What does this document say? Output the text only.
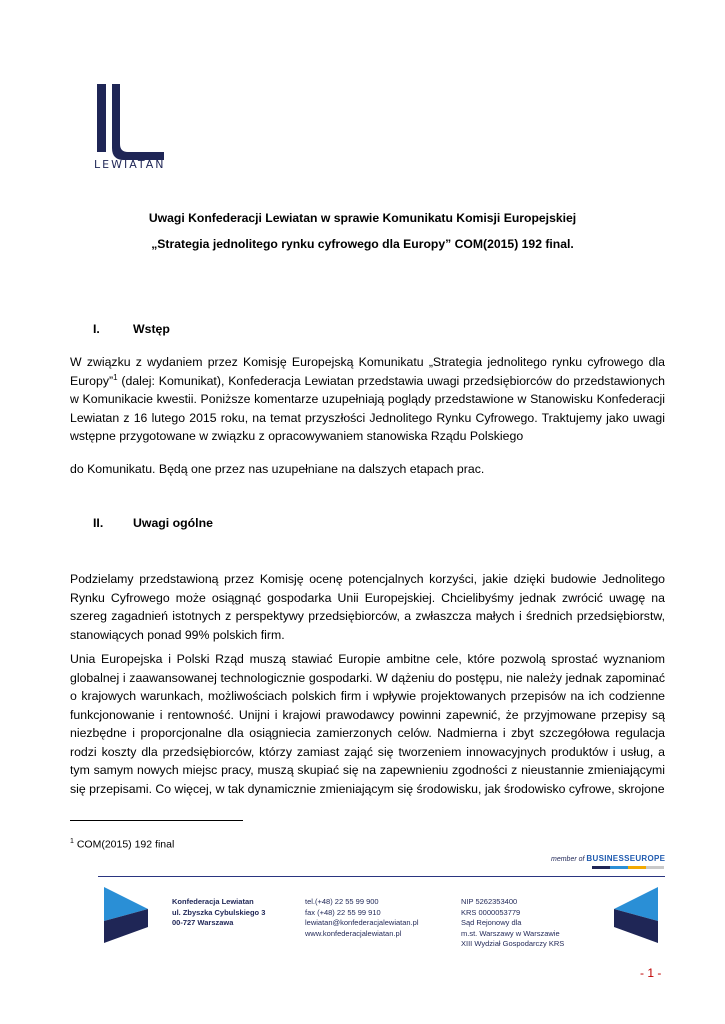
LEWIATAN
Uwagi Konfederacji Lewiatan w sprawie Komunikatu Komisji Europejskiej
„Strategia jednolitego rynku cyfrowego dla Europy” COM(2015) 192 final.
I.	Wstęp
W związku z wydaniem przez Komisję Europejską Komunikatu „Strategia jednolitego rynku cyfrowego dla Europy”$^1$ (dalej: Komunikat), Konfederacja Lewiatan przedstawia uwagi przedsiębiorców do przedstawionych w Komunikacie kwestii. Poniższe komentarze uzupełniają poglądy przedstawione w Stanowisku Konfederacji Lewiatan z 16 lutego 2015 roku, na temat przyszłości Jednolitego Rynku Cyfrowego. Traktujemy jako uwagi wstępne przygotowane w związku z opracowywaniem stanowiska Rządu Polskiego
do Komunikatu. Będą one przez nas uzupełniane na dalszych etapach prac.
II. Uwagi ogólne
Podzielamy przedstawioną przez Komisję ocenę potencjalnych korzyści, jakie dzięki budowie Jednolitego Rynku Cyfrowego może osiągnąć gospodarka Unii Europejskiej. Chcielibyśmy jednak zwrócić uwagę na szereg zagadnień istotnych z perspektywy przedsiębiorców, a zwłaszcza małych i średnich przedsiębiorstw, stanowiących ponad 99% polskich firm.
Unia Europejska i Polski Rząd muszą stawiać Europie ambitne cele, które pozwolą sprostać wyznaniom globalnej i zaawansowanej technologicznie gospodarki. W dążeniu do postępu, nie należy jednak zapominać o krajowych warunkach, możliwościach polskich firm i wpływie projektowanych przepisów na ich codzienne funkcjonowanie i rentowność. Unijni i krajowi prawodawcy powinni zapewnić, że przyjmowane przepisy są niezbędne i proporcjonalne dla osiągniecia zamierzonych celów. Nadmierna i zbyt szczegółowa regulacja rodzi koszty dla przedsiębiorców, którzy zamiast zająć się tworzeniem innowacyjnych produktów i usług, a tym samym nowych miejsc pracy, muszą skupiać się na zapewnieniu zgodności z nieustannie zmieniającymi się przepisami. Co więcej, w tak dynamicznie zmieniającym się środowisku, jak środowisko cyfrowe, skrojone
$^1$ COM(2015) 192 final
member of BUSINESSEUROPE
Konfederacja Lewiatan
ul. Zbyszka Cybulskiego 3
00-727 Warszawa
tel.(+48) 22 55 99 900
fax (+48) 22 55 99 910
lewiatan@konfederacjalewiatan.pl
www.konfederacjalewiatan.pl
NIP 5262353400
KRS 0000053779
Sąd Rejonowy dla
m.st. Warszawy w Warszawie
XIII Wydział Gospodarczy KRS
- 1 -
